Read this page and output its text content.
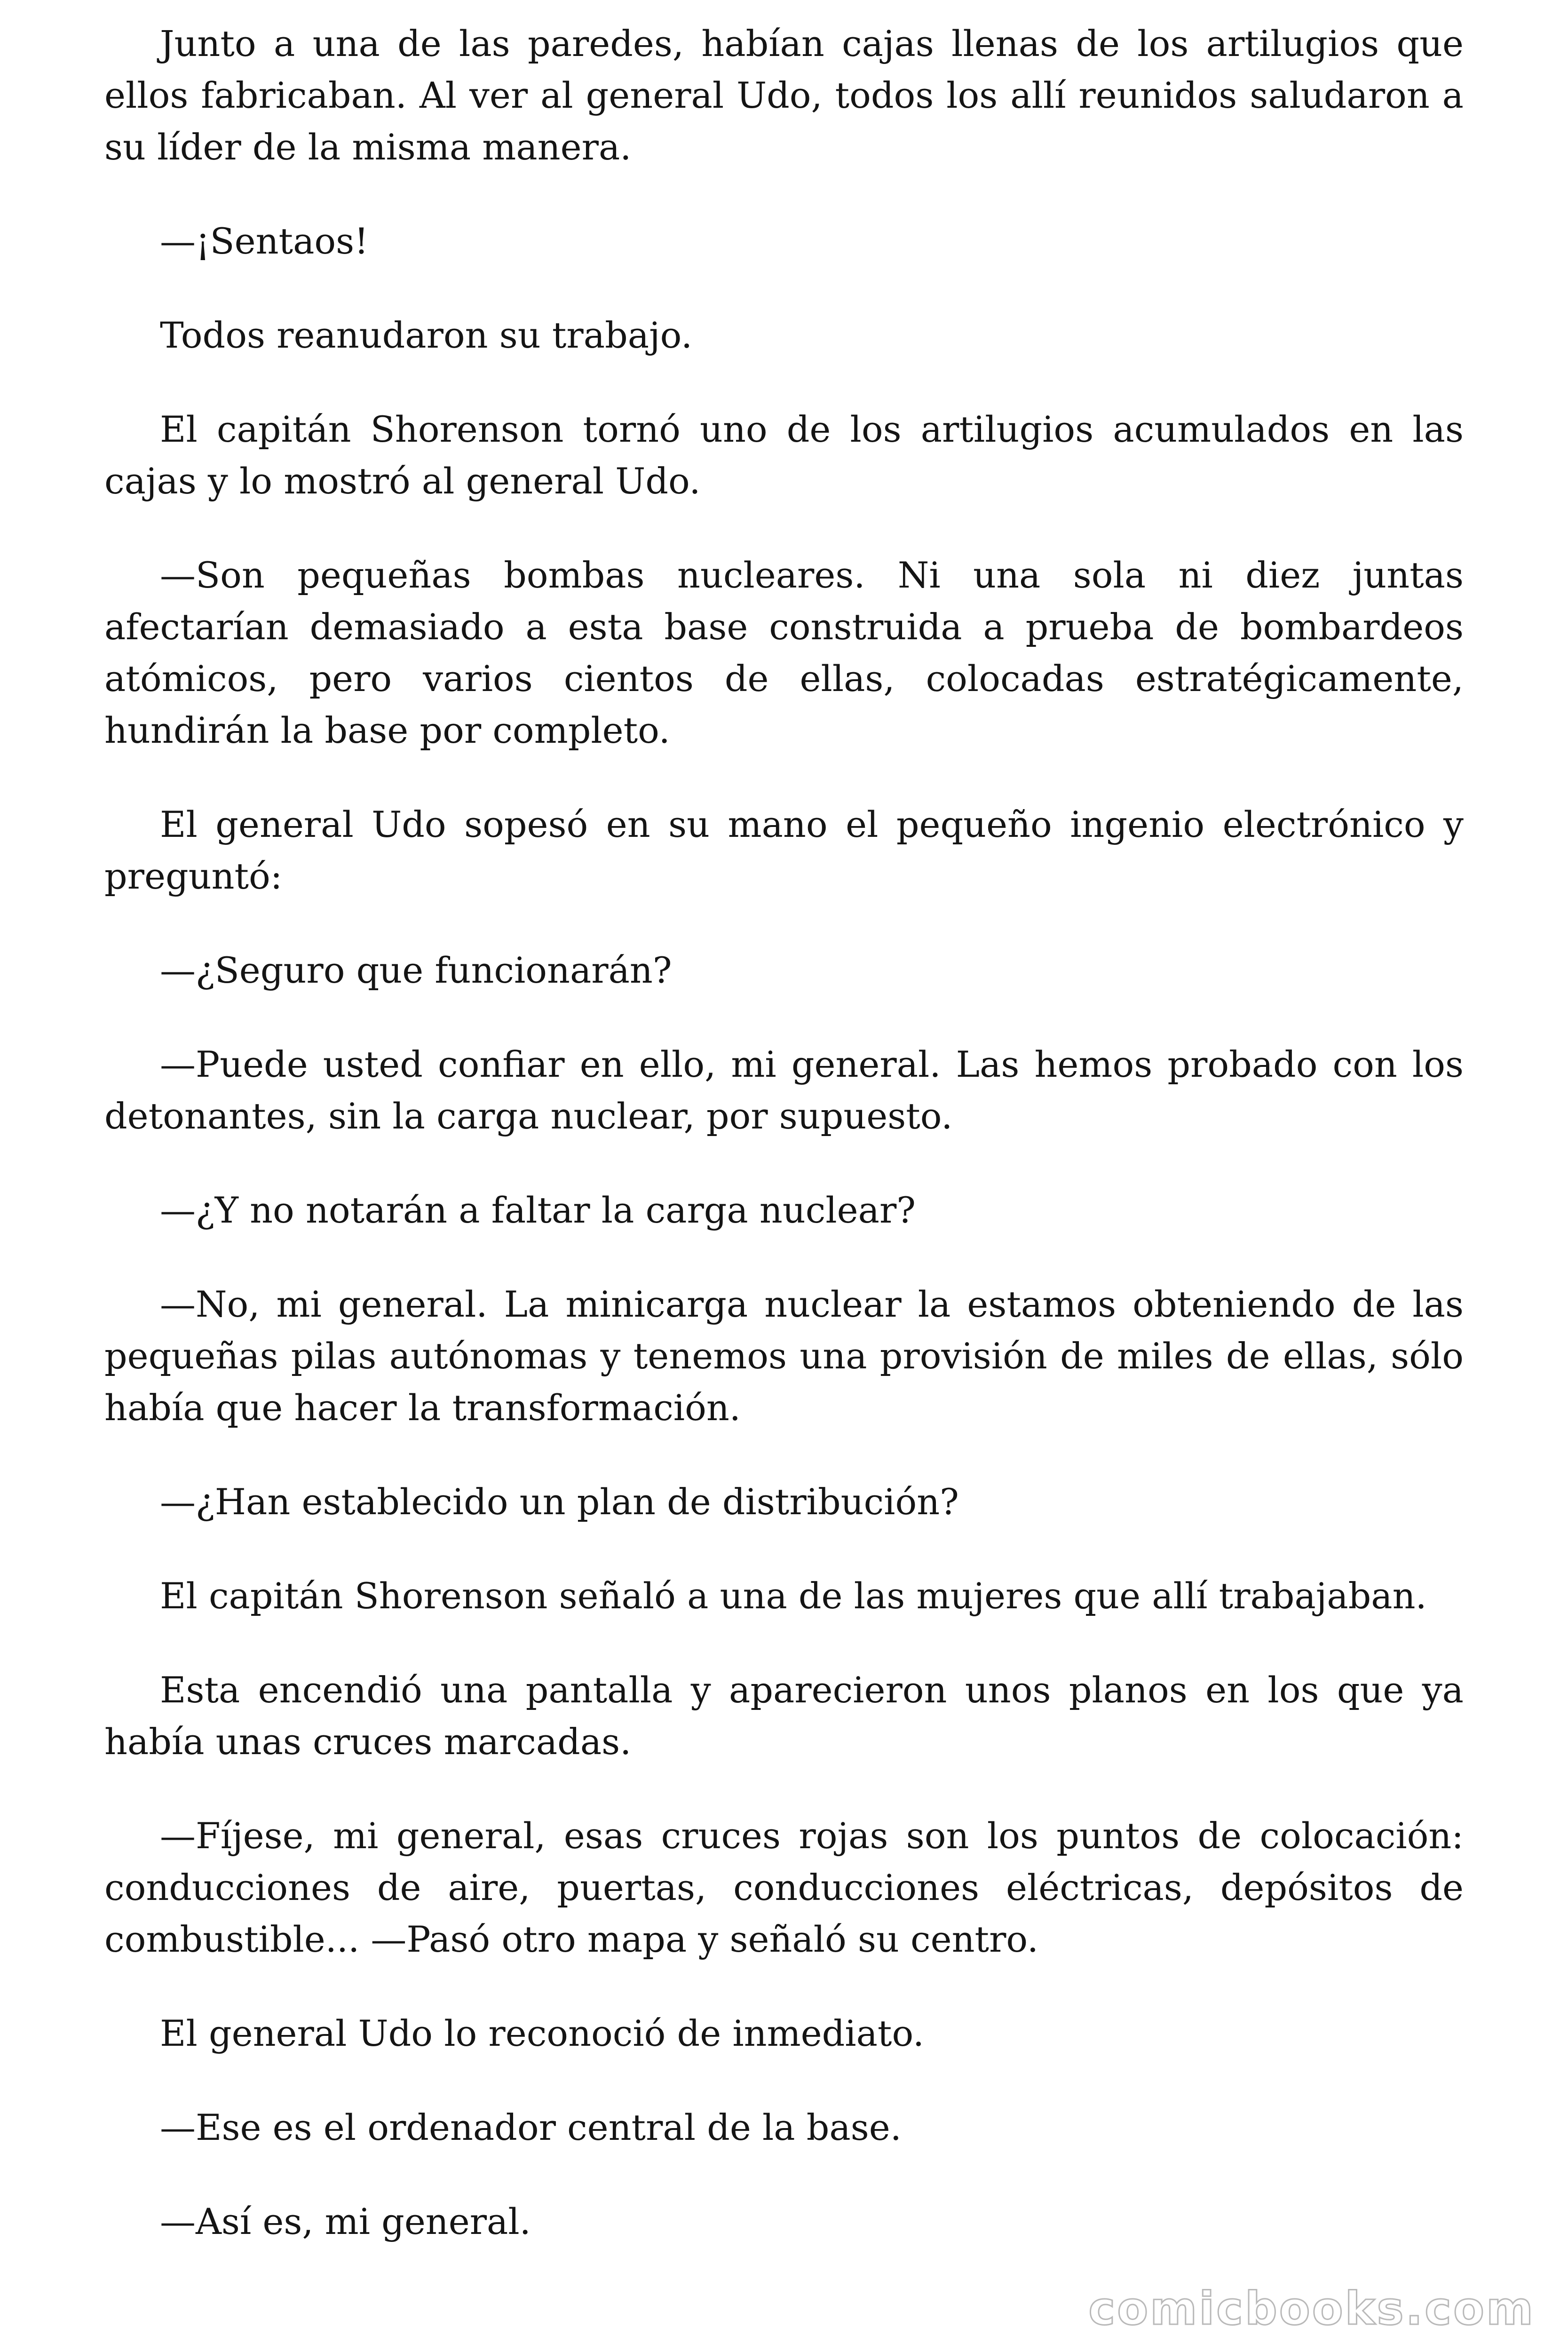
Junto a una de las paredes, habían cajas llenas de los artilugios que ellos fabricaban. Al ver al general Udo, todos los allí reunidos saludaron a su líder de la misma manera.

—¡Sentaos!

Todos reanudaron su trabajo.

El capitán Shorenson tornó uno de los artilugios acumulados en las cajas y lo mostró al general Udo.

—Son pequeñas bombas nucleares. Ni una sola ni diez juntas afectarían demasiado a esta base construida a prueba de bombardeos atómicos, pero varios cientos de ellas, colocadas estratégicamente, hundirán la base por completo.

El general Udo sopesó en su mano el pequeño ingenio electrónico y preguntó:

—¿Seguro que funcionarán?

—Puede usted confiar en ello, mi general. Las hemos probado con los detonantes, sin la carga nuclear, por supuesto.

—¿Y no notarán a faltar la carga nuclear?

—No, mi general. La minicarga nuclear la estamos obteniendo de las pequeñas pilas autónomas y tenemos una provisión de miles de ellas, sólo había que hacer la transformación.

—¿Han establecido un plan de distribución?

El capitán Shorenson señaló a una de las mujeres que allí trabajaban.

Esta encendió una pantalla y aparecieron unos planos en los que ya había unas cruces marcadas.

—Fíjese, mi general, esas cruces rojas son los puntos de colocación: conducciones de aire, puertas, conducciones eléctricas, depósitos de combustible... —Pasó otro mapa y señaló su centro.

El general Udo lo reconoció de inmediato.

—Ese es el ordenador central de la base.

—Así es, mi general.

comicbooks.com
